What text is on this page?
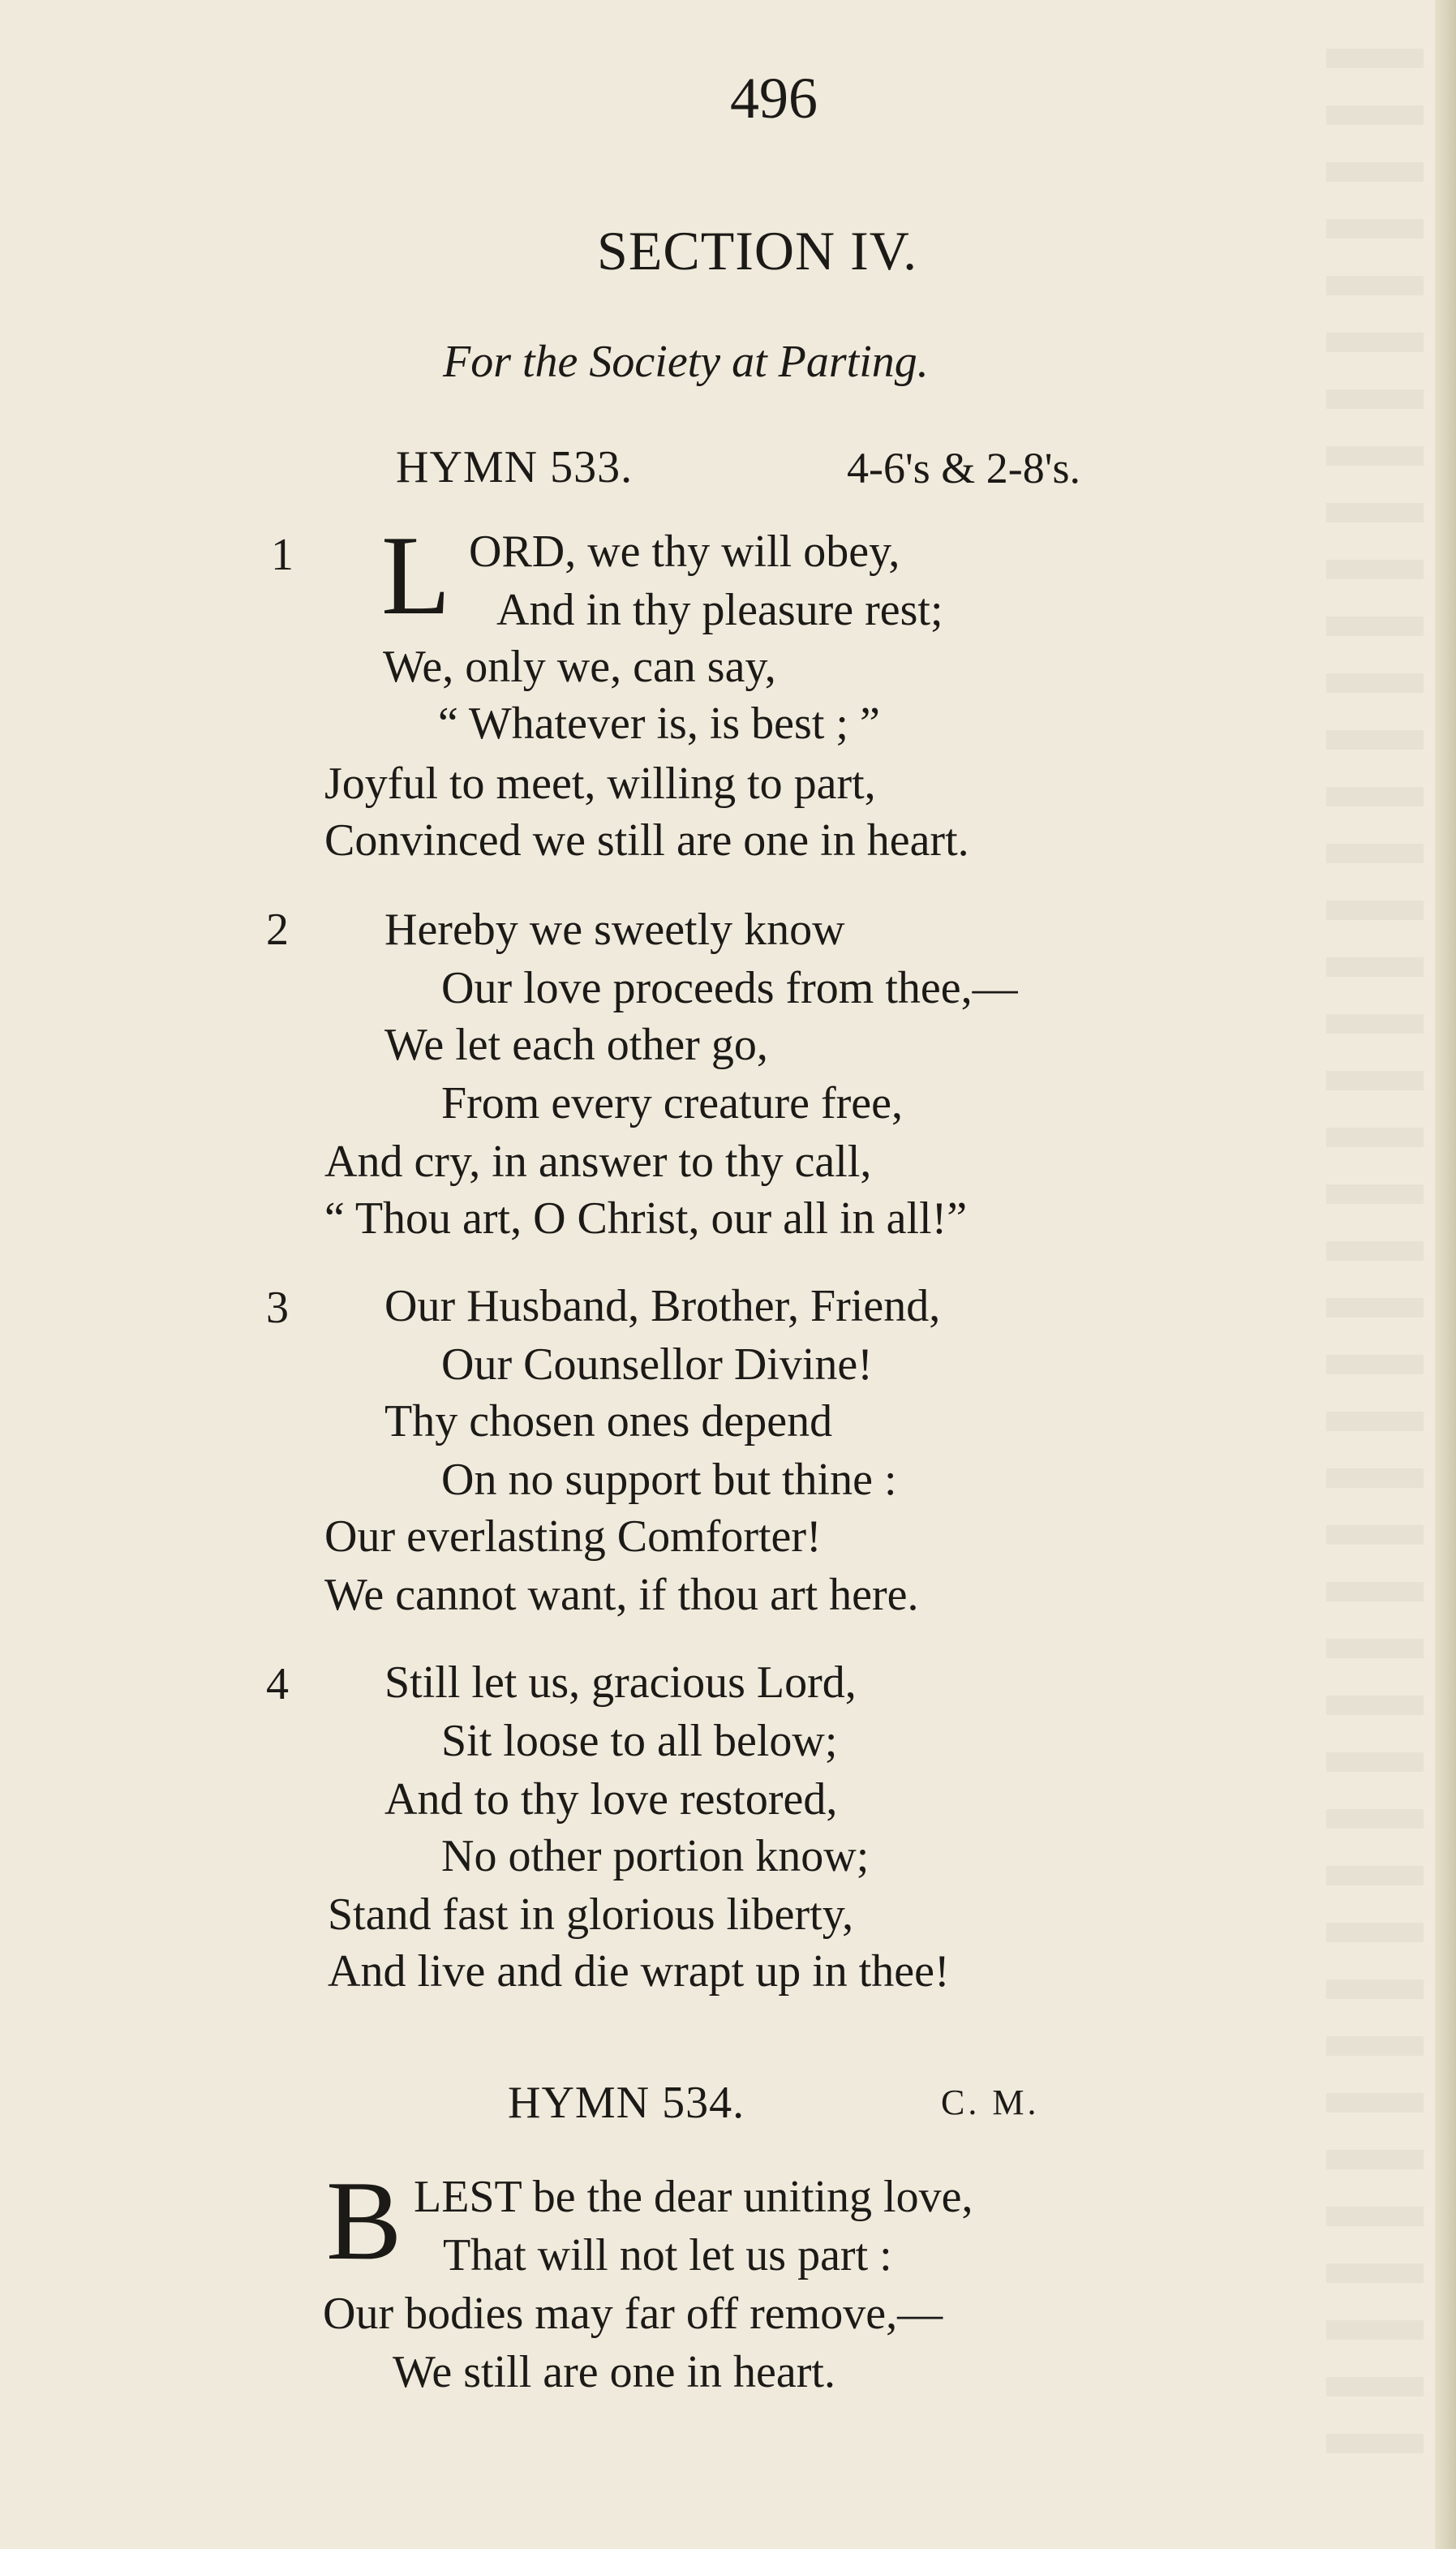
496
SECTION IV.
For the Society at Parting.
HYMN 533.	4-6's & 2-8's.
1 L ORD, we thy will obey,
And in thy pleasure rest;
We, only we, can say,
“ Whatever is, is best ; ”
Joyful to meet, willing to part,
Convinced we still are one in heart.
2 Hereby we sweetly know
Our love proceeds from thee,—
We let each other go,
From every creature free,
And cry, in answer to thy call,
“ Thou art, O Christ, our all in all!”
3 Our Husband, Brother, Friend,
Our Counsellor Divine!
Thy chosen ones depend
On no support but thine :
Our everlasting Comforter!
We cannot want, if thou art here.
4 Still let us, gracious Lord,
Sit loose to all below;
And to thy love restored,
No other portion know;
Stand fast in glorious liberty,
And live and die wrapt up in thee!
HYMN 534.	C. M.
B LEST be the dear uniting love,
That will not let us part :
Our bodies may far off remove,—
We still are one in heart.
